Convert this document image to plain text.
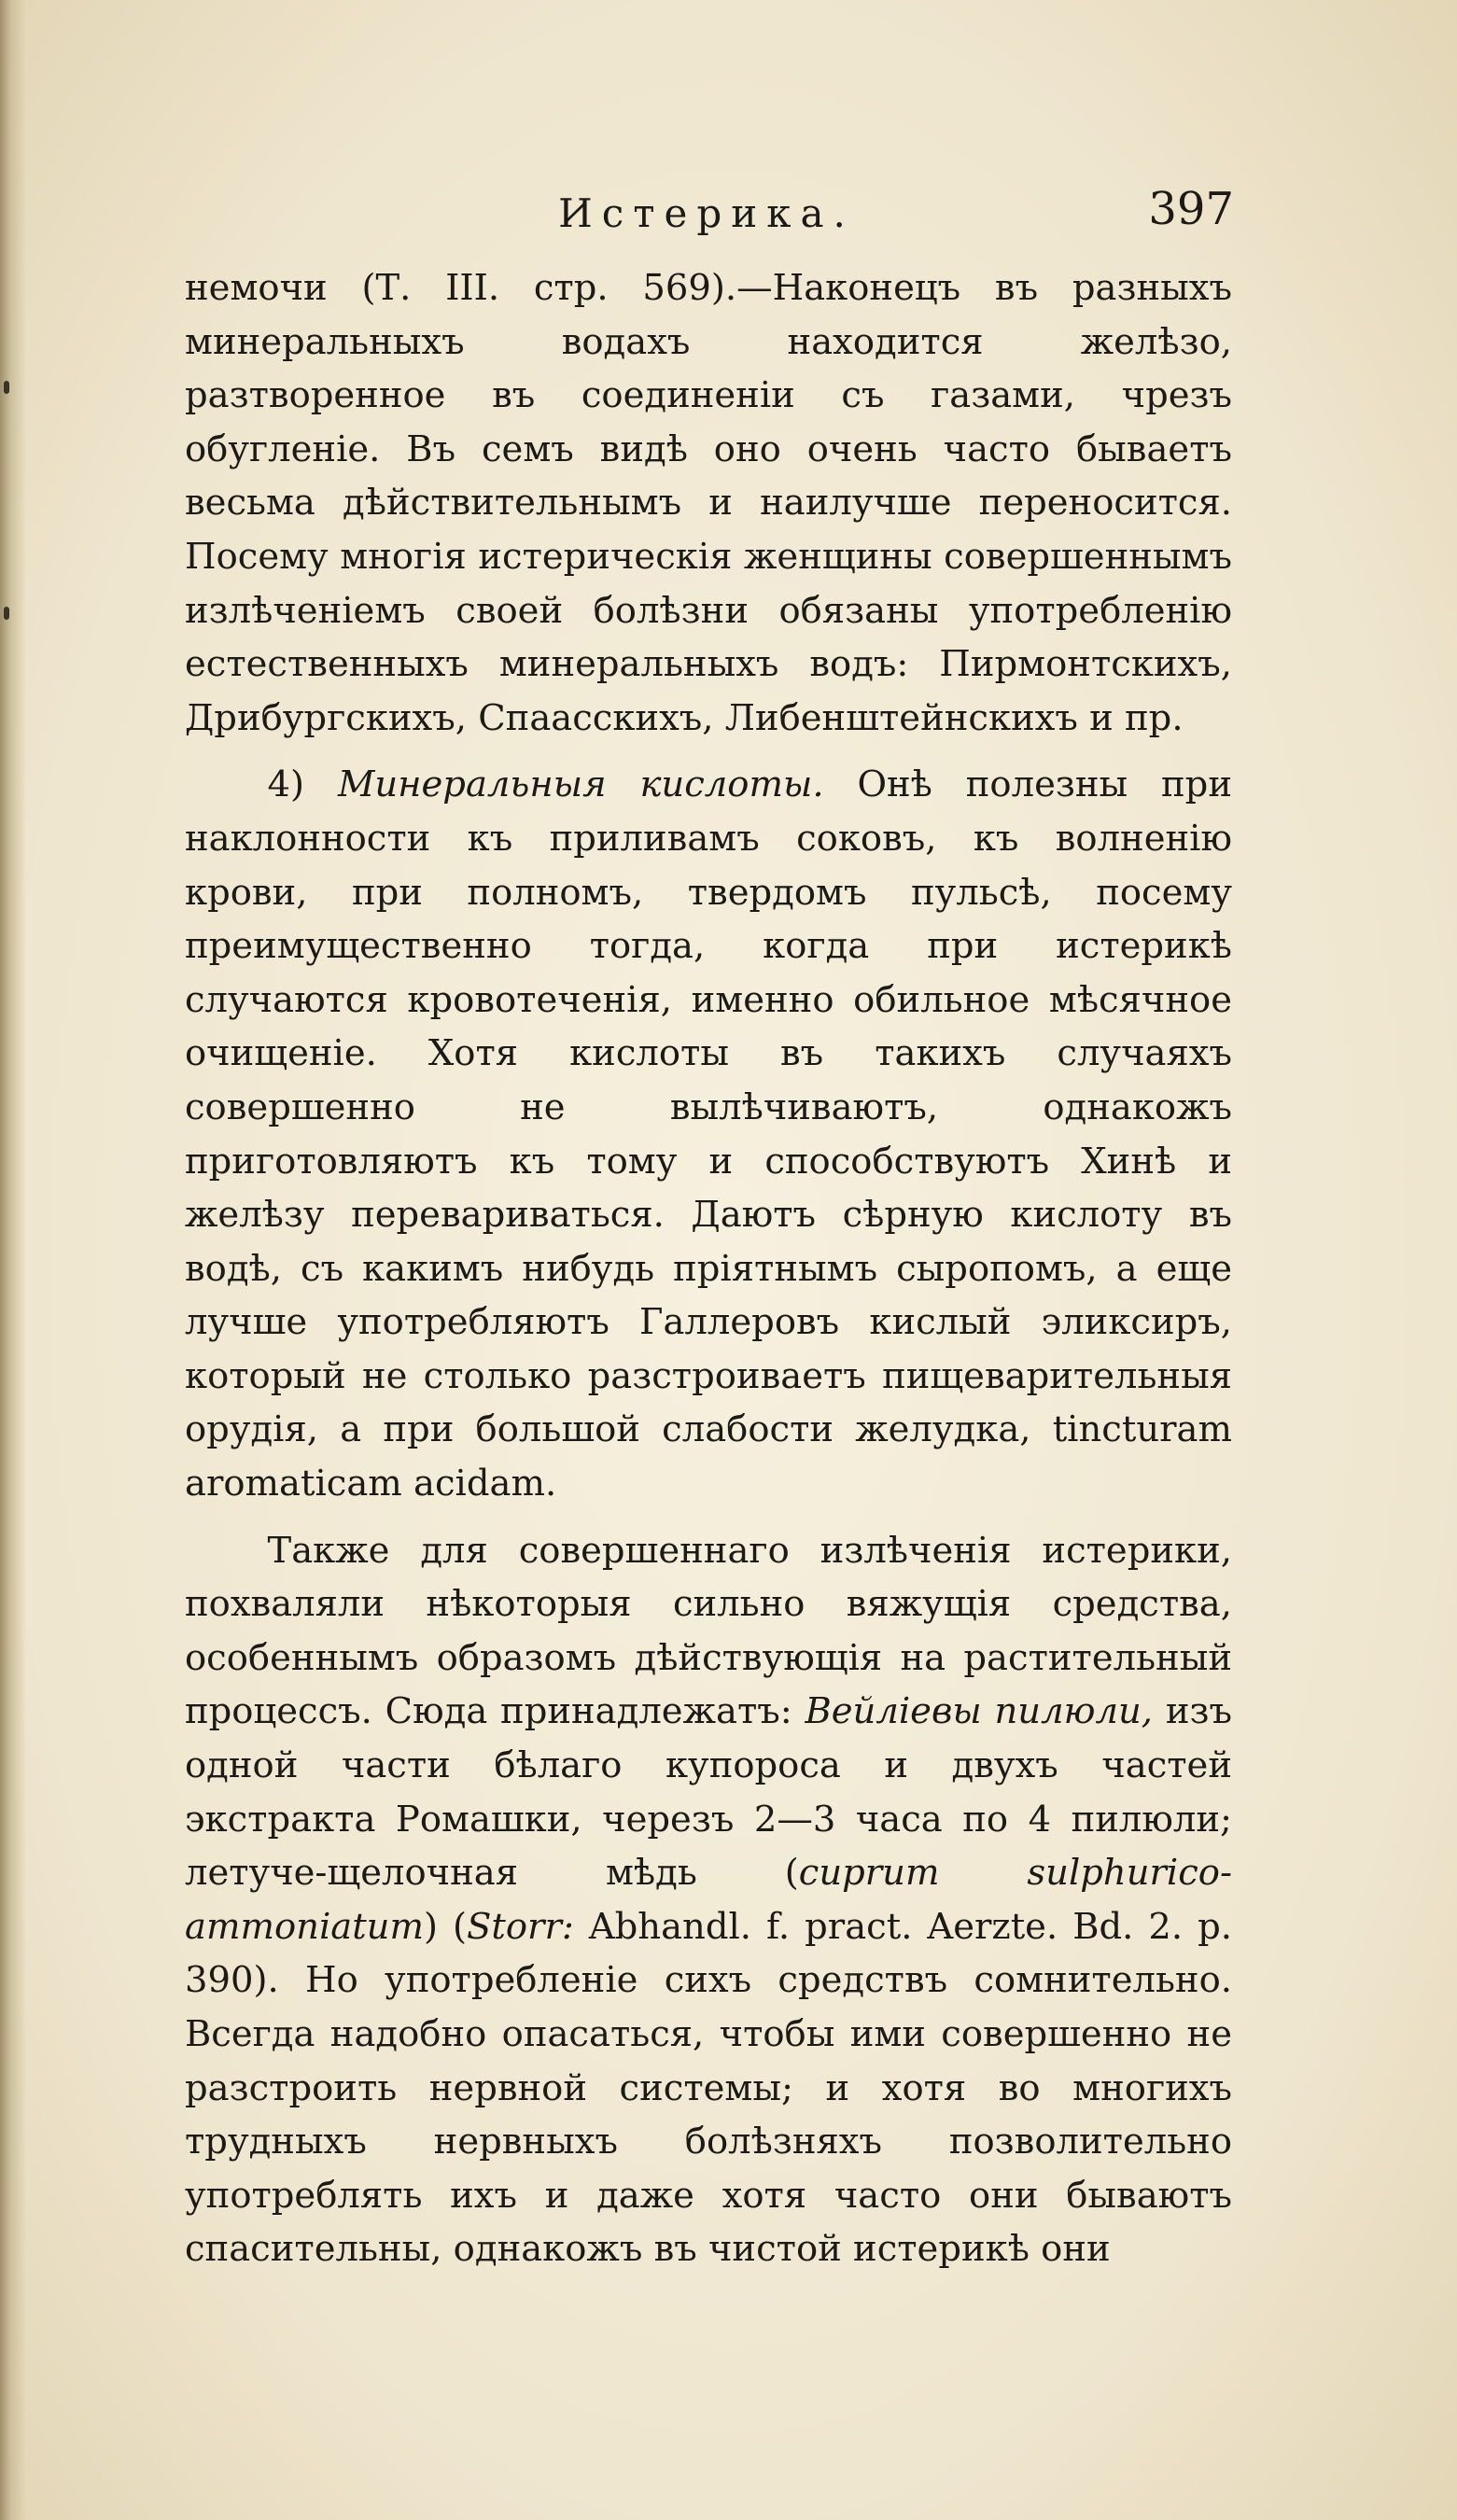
Истерика.	397

немочи (Т. III. стр. 569).—Наконецъ въ разныхъ минеральныхъ водахъ находится желѣзо, разтворенное въ соединенiи съ газами, чрезъ обугленiе. Въ семъ видѣ оно очень часто бываетъ весьма дѣйствительнымъ и наилучше переносится. Посему многiя истерическiя женщины совершеннымъ излѣченiемъ своей болѣзни обязаны употребленiю естественныхъ минеральныхъ водъ: Пирмонтскихъ, Дрибургскихъ, Спаасскихъ, Либенштейнскихъ и пр.

4) Минеральныя кислоты. Онѣ полезны при наклонности къ приливамъ соковъ, къ волненiю крови, при полномъ, твердомъ пульсѣ, посему преимущественно тогда, когда при истерикѣ случаются кровотеченiя, именно обильное мѣсячное очищенiе. Хотя кислоты въ такихъ случаяхъ совершенно не вылѣчиваютъ, однакожъ приготовляютъ къ тому и способствуютъ Хинѣ и желѣзу перевариваться. Даютъ сѣрную кислоту въ водѣ, съ какимъ нибудь прiятнымъ сыропомъ, а еще лучше употребляютъ Галлеровъ кислый эликсиръ, который не столько разстроиваетъ пищеварительныя орудiя, а при большой слабости желудка, tincturam aromaticam acidam.

Также для совершеннаго излѣченiя истерики, похваляли нѣкоторыя сильно вяжущiя средства, особеннымъ образомъ дѣйствующiя на растительный процессъ. Сюда принадлежатъ: Вейлiевы пилюли, изъ одной части бѣлаго купороса и двухъ частей экстракта Ромашки, черезъ 2—3 часа по 4 пилюли; летуче-щелочная мѣдь (cuprum sulphurico-ammoniatum) (Storr: Abhandl. f. pract. Aerzte. Bd. 2. p. 390). Но употребленiе сихъ средствъ сомнительно. Всегда надобно опасаться, чтобы ими совершенно не разстроить нервной системы; и хотя во многихъ трудныхъ нервныхъ болѣзняхъ позволительно употреблять ихъ и даже хотя часто они бываютъ спасительны, однакожъ въ чистой истерикѣ они
